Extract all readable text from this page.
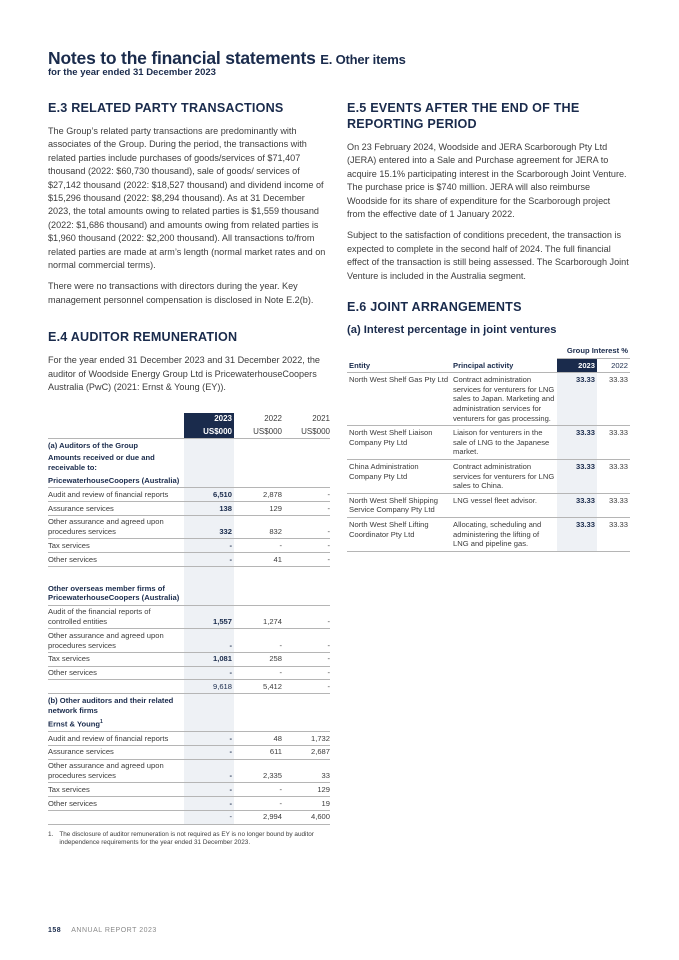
Notes to the financial statements E. Other items
for the year ended 31 December 2023
E.3 RELATED PARTY TRANSACTIONS

The Group’s related party transactions are predominantly with associates of the Group. During the period, the transactions with related parties include purchases of goods/services of $71,407 thousand (2022: $60,730 thousand), sale of goods/ services of $27,142 thousand (2022: $18,527 thousand) and dividend income of $15,296 thousand (2022: $8,294 thousand). As at 31 December 2023, the total amounts owing to related parties is $1,559 thousand (2022: $1,686 thousand) and amounts owing from related parties is $1,960 thousand (2022: $2,200 thousand). All transactions to/from related parties are made at arm’s length (normal market rates and on normal commercial terms).

There were no transactions with directors during the year. Key management personnel compensation is disclosed in Note E.2(b).

E.4 AUDITOR REMUNERATION

For the year ended 31 December 2023 and 31 December 2022, the auditor of Woodside Energy Group Ltd is PricewaterhouseCoopers Australia (PwC) (2021: Ernst & Young (EY)).

	2023	2022	2021
	US$000	US$000	US$000
(a) Auditors of the Group			
Amounts received or due and receivable to:			
PricewaterhouseCoopers (Australia)			
Audit and review of financial reports	6,510	2,878	-
Assurance services	138	129	-
Other assurance and agreed upon procedures services	332	832	-
Tax services	-	-	-
Other services	-	41	-

Other overseas member firms of PricewaterhouseCoopers (Australia)			
Audit of the financial reports of controlled entities	1,557	1,274	-
Other assurance and agreed upon procedures services	-	-	-
Tax services	1,081	258	-
Other services	-	-	-
	9,618	5,412	-
(b) Other auditors and their related network firms			
Ernst & Young$^1$			
Audit and review of financial reports	-	48	1,732
Assurance services	-	611	2,687
Other assurance and agreed upon procedures services	-	2,335	33
Tax services	-	-	129
Other services	-	-	19
	-	2,994	4,600
1. The disclosure of auditor remuneration is not required as EY is no longer bound by auditor independence requirements for the year ended 31 December 2023.
E.5 EVENTS AFTER THE END OF THE REPORTING PERIOD

On 23 February 2024, Woodside and JERA Scarborough Pty Ltd (JERA) entered into a Sale and Purchase agreement for JERA to acquire 15.1% participating interest in the Scarborough Joint Venture. The purchase price is $740 million. JERA will also reimburse Woodside for its share of expenditure for the Scarborough project from the effective date of 1 January 2022.

Subject to the satisfaction of conditions precedent, the transaction is expected to complete in the second half of 2024. The full financial effect of the transaction is still being assessed. The Scarborough Joint Venture is included in the Australia segment.

E.6 JOINT ARRANGEMENTS
(a) Interest percentage in joint ventures
		Group Interest %	
Entity	Principal activity	2023	2022
North West Shelf Gas Pty Ltd	Contract administration services for venturers for LNG sales to Japan. Marketing and administration services for venturers for gas processing.	33.33	33.33
North West Shelf Liaison Company Pty Ltd	Liaison for venturers in the sale of LNG to the Japanese market.	33.33	33.33
China Administration Company Pty Ltd	Contract administration services for venturers for LNG sales to China.	33.33	33.33
North West Shelf Shipping Service Company Pty Ltd	LNG vessel fleet advisor.	33.33	33.33
North West Shelf Lifting Coordinator Pty Ltd	Allocating, scheduling and administering the lifting of LNG and pipeline gas.	33.33	33.33
158 ANNUAL REPORT 2023
